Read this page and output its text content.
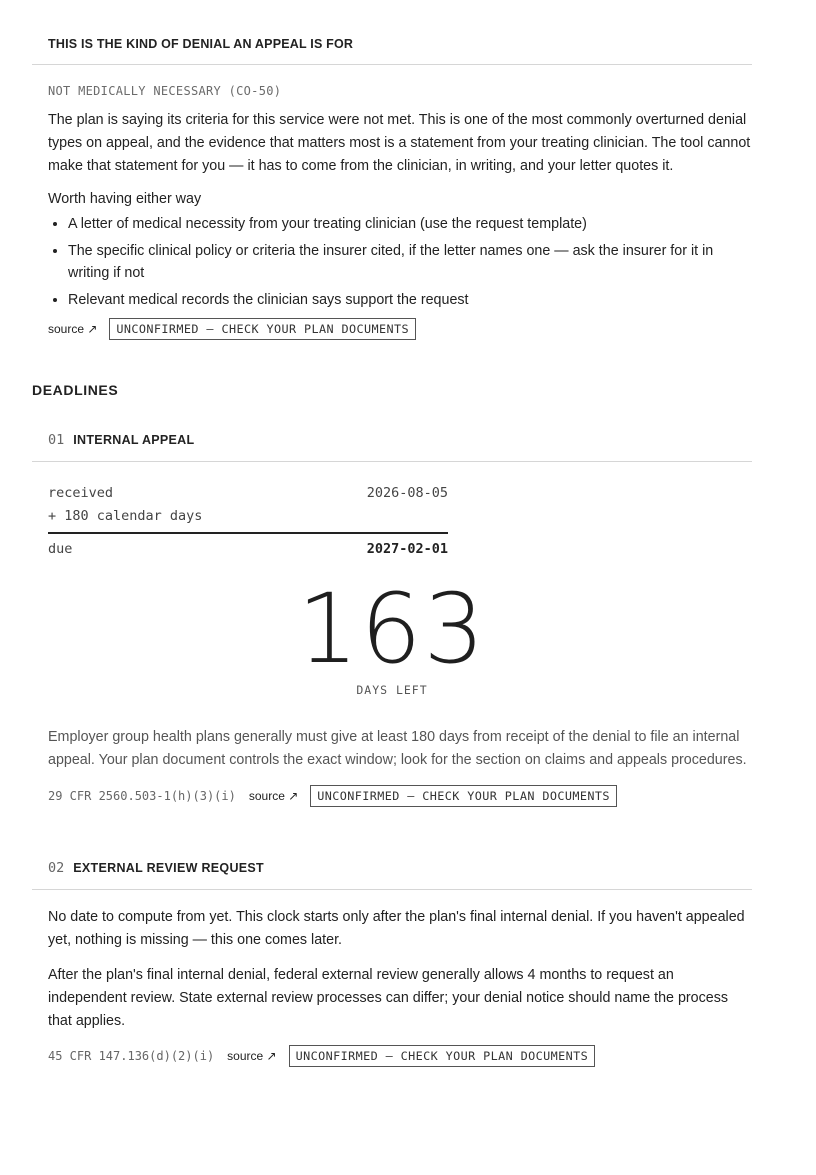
THIS IS THE KIND OF DENIAL AN APPEAL IS FOR
NOT MEDICALLY NECESSARY (CO-50)

The plan is saying its criteria for this service were not met. This is one of the most commonly overturned denial types on appeal, and the evidence that matters most is a statement from your treating clinician. The tool cannot make that statement for you — it has to come from the clinician, in writing, and your letter quotes it.

Worth having either way
• A letter of medical necessity from your treating clinician (use the request template)
• The specific clinical policy or criteria the insurer cited, if the letter names one — ask the insurer for it in writing if not
• Relevant medical records the clinician says support the request
source ↗	UNCONFIRMED — CHECK YOUR PLAN DOCUMENTS
DEADLINES
01 INTERNAL APPEAL
received	2026-08-05
+ 180 calendar days
due	2027-02-01
163
DAYS LEFT

Employer group health plans generally must give at least 180 days from receipt of the denial to file an internal appeal. Your plan document controls the exact window; look for the section on claims and appeals procedures.

29 CFR 2560.503-1(h)(3)(i) source ↗	UNCONFIRMED — CHECK YOUR PLAN DOCUMENTS
02 EXTERNAL REVIEW REQUEST

No date to compute from yet. This clock starts only after the plan's final internal denial. If you haven't appealed yet, nothing is missing — this one comes later.

After the plan's final internal denial, federal external review generally allows 4 months to request an independent review. State external review processes can differ; your denial notice should name the process that applies.

45 CFR 147.136(d)(2)(i) source ↗	UNCONFIRMED — CHECK YOUR PLAN DOCUMENTS
